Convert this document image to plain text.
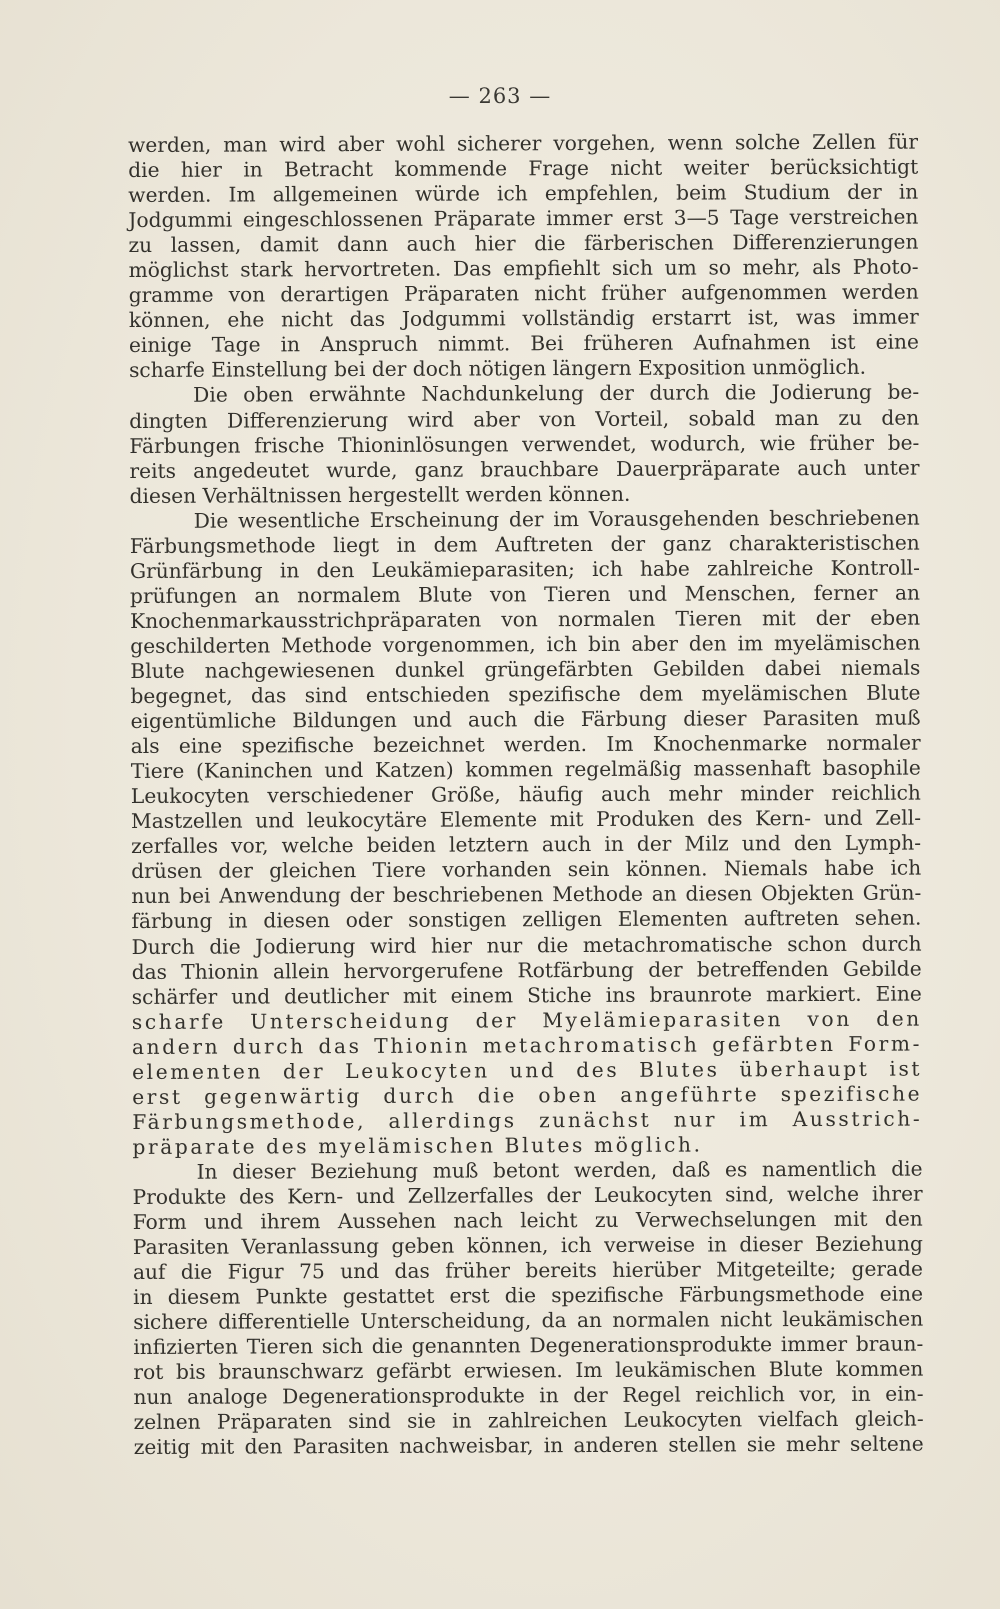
— 263 —
werden, man wird aber wohl sicherer vorgehen, wenn solche Zellen für
die hier in Betracht kommende Frage nicht weiter berücksichtigt
werden. Im allgemeinen würde ich empfehlen, beim Studium der in
Jodgummi eingeschlossenen Präparate immer erst 3—5 Tage verstreichen
zu lassen, damit dann auch hier die färberischen Differenzierungen
möglichst stark hervortreten. Das empfiehlt sich um so mehr, als Photo-
gramme von derartigen Präparaten nicht früher aufgenommen werden
können, ehe nicht das Jodgummi vollständig erstarrt ist, was immer
einige Tage in Anspruch nimmt. Bei früheren Aufnahmen ist eine
scharfe Einstellung bei der doch nötigen längern Exposition unmöglich.
Die oben erwähnte Nachdunkelung der durch die Jodierung be-
dingten Differenzierung wird aber von Vorteil, sobald man zu den
Färbungen frische Thioninlösungen verwendet, wodurch, wie früher be-
reits angedeutet wurde, ganz brauchbare Dauerpräparate auch unter
diesen Verhältnissen hergestellt werden können.
Die wesentliche Erscheinung der im Vorausgehenden beschriebenen
Färbungsmethode liegt in dem Auftreten der ganz charakteristischen
Grünfärbung in den Leukämieparasiten; ich habe zahlreiche Kontroll-
prüfungen an normalem Blute von Tieren und Menschen, ferner an
Knochenmarkausstrichpräparaten von normalen Tieren mit der eben
geschilderten Methode vorgenommen, ich bin aber den im myelämischen
Blute nachgewiesenen dunkel grüngefärbten Gebilden dabei niemals
begegnet, das sind entschieden spezifische dem myelämischen Blute
eigentümliche Bildungen und auch die Färbung dieser Parasiten muß
als eine spezifische bezeichnet werden. Im Knochenmarke normaler
Tiere (Kaninchen und Katzen) kommen regelmäßig massenhaft basophile
Leukocyten verschiedener Größe, häufig auch mehr minder reichlich
Mastzellen und leukocytäre Elemente mit Produken des Kern- und Zell-
zerfalles vor, welche beiden letztern auch in der Milz und den Lymph-
drüsen der gleichen Tiere vorhanden sein können. Niemals habe ich
nun bei Anwendung der beschriebenen Methode an diesen Objekten Grün-
färbung in diesen oder sonstigen zelligen Elementen auftreten sehen.
Durch die Jodierung wird hier nur die metachromatische schon durch
das Thionin allein hervorgerufene Rotfärbung der betreffenden Gebilde
schärfer und deutlicher mit einem Stiche ins braunrote markiert. Eine
scharfe Unterscheidung der Myelämieparasiten von den
andern durch das Thionin metachromatisch gefärbten Form-
elementen der Leukocyten und des Blutes überhaupt ist
erst gegenwärtig durch die oben angeführte spezifische
Färbungsmethode, allerdings zunächst nur im Ausstrich-
präparate des myelämischen Blutes möglich.
In dieser Beziehung muß betont werden, daß es namentlich die
Produkte des Kern- und Zellzerfalles der Leukocyten sind, welche ihrer
Form und ihrem Aussehen nach leicht zu Verwechselungen mit den
Parasiten Veranlassung geben können, ich verweise in dieser Beziehung
auf die Figur 75 und das früher bereits hierüber Mitgeteilte; gerade
in diesem Punkte gestattet erst die spezifische Färbungsmethode eine
sichere differentielle Unterscheidung, da an normalen nicht leukämischen
infizierten Tieren sich die genannten Degenerationsprodukte immer braun-
rot bis braunschwarz gefärbt erwiesen. Im leukämischen Blute kommen
nun analoge Degenerationsprodukte in der Regel reichlich vor, in ein-
zelnen Präparaten sind sie in zahlreichen Leukocyten vielfach gleich-
zeitig mit den Parasiten nachweisbar, in anderen stellen sie mehr seltene
